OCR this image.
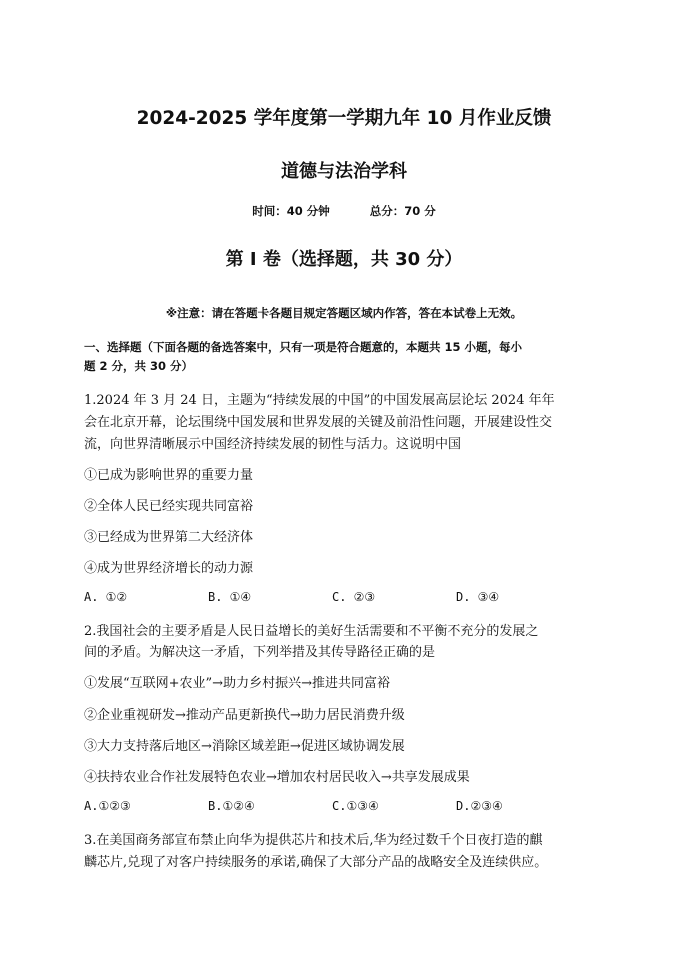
2024-2025 学年度第一学期九年 10 月作业反馈
道德与法治学科
时间：40 分钟	总分：70 分
第 I 卷（选择题，共 30 分）
※注意：请在答题卡各题目规定答题区域内作答，答在本试卷上无效。
一、选择题（下面各题的备选答案中，只有一项是符合题意的，本题共 15 小题，每小
题 2 分，共 30 分）
1.2024 年 3 月 24 日，主题为“持续发展的中国”的中国发展高层论坛 2024 年年
会在北京开幕，论坛围绕中国发展和世界发展的关键及前沿性问题，开展建设性交
流，向世界清晰展示中国经济持续发展的韧性与活力。这说明中国
①已成为影响世界的重要力量
②全体人民已经实现共同富裕
③已经成为世界第二大经济体
④成为世界经济增长的动力源
A. ①②	B. ①④	C. ②③	D. ③④
2.我国社会的主要矛盾是人民日益增长的美好生活需要和不平衡不充分的发展之
间的矛盾。为解决这一矛盾，下列举措及其传导路径正确的是
①发展“互联网+农业”→助力乡村振兴→推进共同富裕
②企业重视研发→推动产品更新换代→助力居民消费升级
③大力支持落后地区→消除区域差距→促进区域协调发展
④扶持农业合作社发展特色农业→增加农村居民收入→共享发展成果
A.①②③	B.①②④	C.①③④	D.②③④
3.在美国商务部宣布禁止向华为提供芯片和技术后,华为经过数千个日夜打造的麒
麟芯片,兑现了对客户持续服务的承诺,确保了大部分产品的战略安全及连续供应。
